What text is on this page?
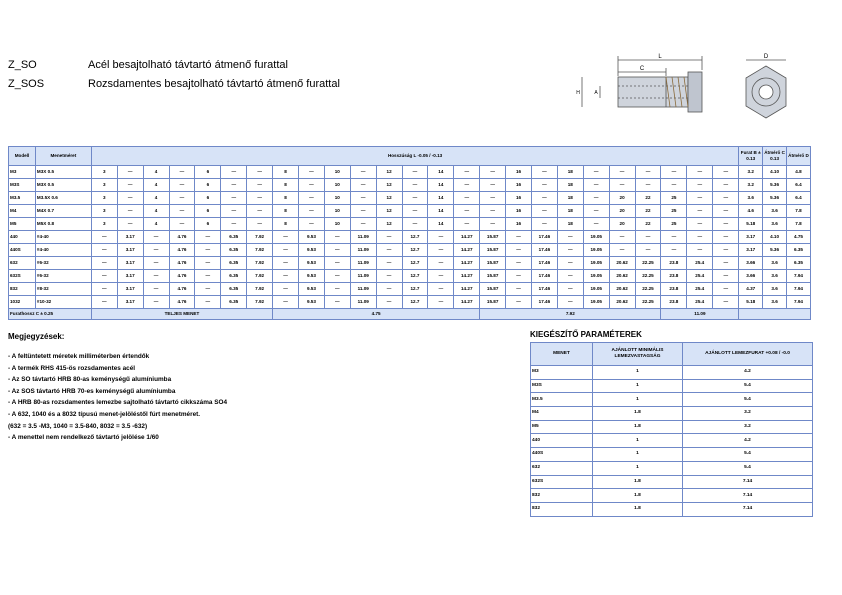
Z_SO	Acél besajtolható távtartó átmenő furattal
Z_SOS	Rozsdamentes besajtolható távtartó átmenő furattal
L
C
H	A
D
Modell	Menetméret	Hosszúság L -0.05 / -0.13																									Furat B ± 0.13	Átmérő C 0.13	Átmérő D
M3	M3X 0.5	3	—	4	—	6	—	—	8	—	10	—	12	—	14	—	—	16	—	18	—	—	—	—	—	—	3.2	4.10	4.8
M3S	M3X 0.5	3	—	4	—	6	—	—	8	—	10	—	12	—	14	—	—	16	—	18	—	—	—	—	—	—	3.2	5.36	6.4
M3.5	M3.5X 0.6	3	—	4	—	6	—	—	8	—	10	—	12	—	14	—	—	16	—	18	—	20	22	25	—	—	3.6	5.36	6.4
M4	M4X 0.7	3	—	4	—	6	—	—	8	—	10	—	12	—	14	—	—	16	—	18	—	20	22	25	—	—	4.6	3.6	7.8
M5	M5X 0.8	3	—	4	—	6	—	—	8	—	10	—	12	—	14	—	—	16	—	18	—	20	22	25	—	—	5.18	3.6	7.8
440	#4-40	—	3.17	—	4.76	—	6.35	7.92	—	9.53	—	11.09	—	12.7	—	14.27	15.87	—	17.46	—	19.05	—	—	—	—	—	3.17	4.10	4.75
440S	#4-40	—	3.17	—	4.76	—	6.35	7.92	—	9.53	—	11.09	—	12.7	—	14.27	15.87	—	17.46	—	19.05	—	—	—	—	—	3.17	5.36	6.35
632	#6-32	—	3.17	—	4.76	—	6.35	7.92	—	9.53	—	11.09	—	12.7	—	14.27	15.87	—	17.46	—	19.05	20.62	22.25	23.8	25.4	—	3.66	3.6	6.35
632S	#6-32	—	3.17	—	4.76	—	6.35	7.92	—	9.53	—	11.09	—	12.7	—	14.27	15.87	—	17.46	—	19.05	20.62	22.25	23.8	25.4	—	3.66	3.6	7.94
832	#8-32	—	3.17	—	4.76	—	6.35	7.92	—	9.53	—	11.09	—	12.7	—	14.27	15.87	—	17.46	—	19.05	20.62	22.25	23.8	25.4	—	4.37	3.6	7.94
1032	#10-32	—	3.17	—	4.76	—	6.35	7.92	—	9.53	—	11.09	—	12.7	—	14.27	15.87	—	17.46	—	19.05	20.62	22.25	23.8	25.4	—	5.18	3.6	7.94
Furathossz C ± 0.25		TELJES MENET							4.75								7.92							11.09					
Megjegyzések:
- A feltüntetett méretek milliméterben értendők
- A termék RHS 415-ös rozsdamentes acél
- Az SO távtartó HRB 80-as keménységű alumíniumba
- Az SOS távtartó HRB 70-es keménységű alumíniumba
- A HRB 80-as rozsdamentes lemezbe sajtolható távtartó cikkszáma SO4
- A 632, 1040 és a 8032 típusú menet-jelöléstől fúrt menetméret.
(632 = 3.5 -M3, 1040 = 3.5-840, 8032 = 3.5 -632)
- A menettel nem rendelkező távtartó jelölése 1/60
KIEGÉSZÍTŐ PARAMÉTEREK
MENET	AJÁNLOTT MINIMÁLIS LEMEZVASTAGSÁG	AJÁNLOTT LEMEZFURAT +0.08 / -0.0
M3	1	4.2
M3S	1	5.4
M3.5	1	5.4
M4	1.8	3.2
M5	1.8	3.2
440	1	4.2
440S	1	5.4
632	1	5.4
632S	1.8	7.14
832	1.8	7.14
832	1.8	7.14
